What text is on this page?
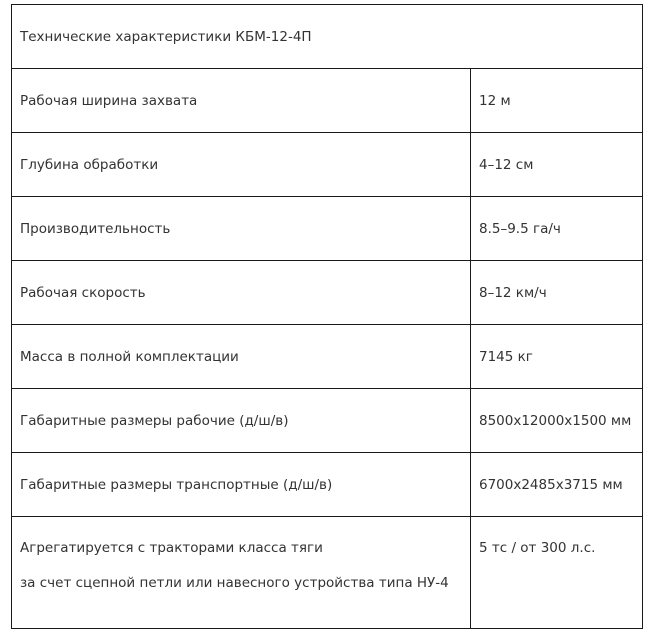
Технические характеристики КБМ-12-4П	
Рабочая ширина захвата	12 м
Глубина обработки	4–12 см
Производительность	8.5–9.5 га/ч
Рабочая скорость	8–12 км/ч
Масса в полной комплектации	7145 кг
Габаритные размеры рабочие (д/ш/в)	8500х12000х1500 мм
Габаритные размеры транспортные (д/ш/в)	6700х2485х3715 мм

Агрегатируется с тракторами класса тяги
за счет сцепной петли или навесного устройства типа НУ-4	5 тс / от 300 л.с.
